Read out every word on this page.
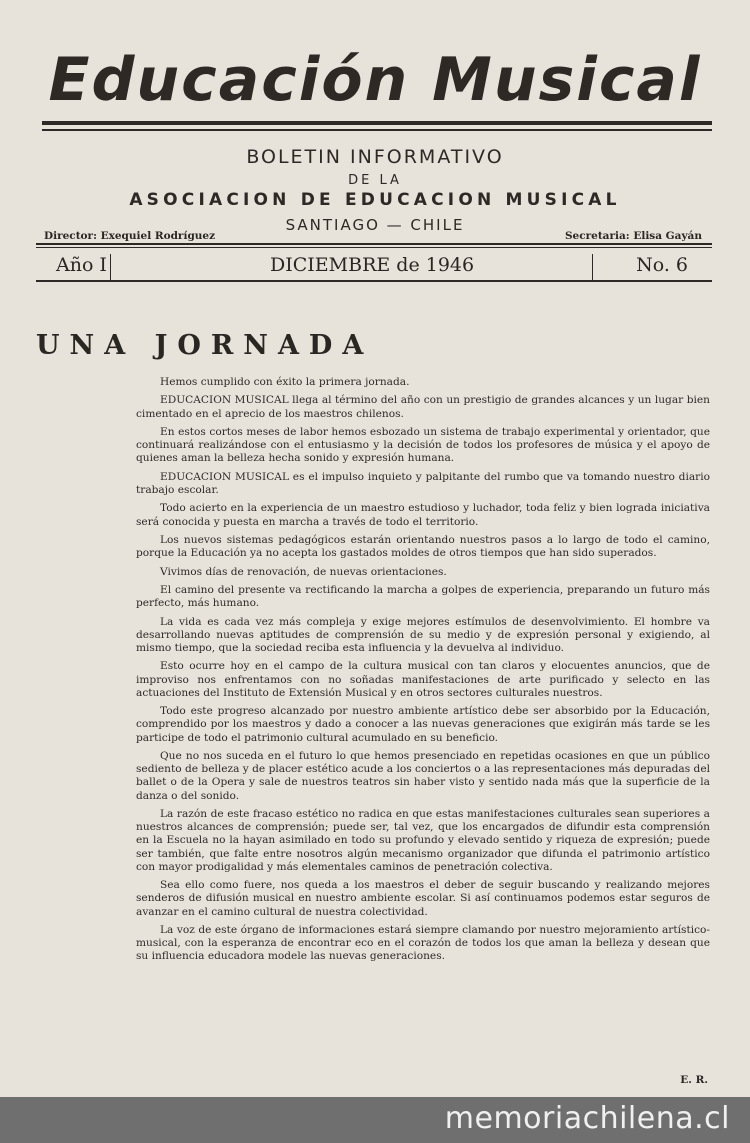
Educación Musical
BOLETIN INFORMATIVO
DE LA
ASOCIACION DE EDUCACION MUSICAL
SANTIAGO — CHILE
Director: Exequiel Rodríguez	Secretaria: Elisa Gayán
Año I	DICIEMBRE de 1946	No. 6
UNA JORNADA

Hemos cumplido con éxito la primera jornada.

EDUCACION MUSICAL llega al término del año con un prestigio de grandes alcances y un lugar bien cimentado en el aprecio de los maestros chilenos.

En estos cortos meses de labor hemos esbozado un sistema de trabajo experimental y orientador, que continuará realizándose con el entusiasmo y la decisión de todos los profesores de música y el apoyo de quienes aman la belleza hecha sonido y expresión humana.

EDUCACION MUSICAL es el impulso inquieto y palpitante del rumbo que va tomando nuestro diario trabajo escolar.

Todo acierto en la experiencia de un maestro estudioso y luchador, toda feliz y bien lograda iniciativa será conocida y puesta en marcha a través de todo el territorio.

Los nuevos sistemas pedagógicos estarán orientando nuestros pasos a lo largo de todo el camino, porque la Educación ya no acepta los gastados moldes de otros tiempos que han sido superados.

Vivimos días de renovación, de nuevas orientaciones.

El camino del presente va rectificando la marcha a golpes de experiencia, preparando un futuro más perfecto, más humano.

La vida es cada vez más compleja y exige mejores estímulos de desenvolvimiento. El hombre va desarrollando nuevas aptitudes de comprensión de su medio y de expresión personal y exigiendo, al mismo tiempo, que la sociedad reciba esta influencia y la devuelva al individuo.

Esto ocurre hoy en el campo de la cultura musical con tan claros y elocuentes anuncios, que de improviso nos enfrentamos con no soñadas manifestaciones de arte purificado y selecto en las actuaciones del Instituto de Extensión Musical y en otros sectores culturales nuestros.

Todo este progreso alcanzado por nuestro ambiente artístico debe ser absorbido por la Educación, comprendido por los maestros y dado a conocer a las nuevas generaciones que exigirán más tarde se les participe de todo el patrimonio cultural acumulado en su beneficio.

Que no nos suceda en el futuro lo que hemos presenciado en repetidas ocasiones en que un público sediento de belleza y de placer estético acude a los conciertos o a las representaciones más depuradas del ballet o de la Opera y sale de nuestros teatros sin haber visto y sentido nada más que la superficie de la danza o del sonido.

La razón de este fracaso estético no radica en que estas manifestaciones culturales sean superiores a nuestros alcances de comprensión; puede ser, tal vez, que los encargados de difundir esta comprensión en la Escuela no la hayan asimilado en todo su profundo y elevado sentido y riqueza de expresión; puede ser también, que falte entre nosotros algún mecanismo organizador que difunda el patrimonio artístico con mayor prodigalidad y más elementales caminos de penetración colectiva.

Sea ello como fuere, nos queda a los maestros el deber de seguir buscando y realizando mejores senderos de difusión musical en nuestro ambiente escolar. Si así continuamos podemos estar seguros de avanzar en el camino cultural de nuestra colectividad.

La voz de este órgano de informaciones estará siempre clamando por nuestro mejoramiento artístico-musical, con la esperanza de encontrar eco en el corazón de todos los que aman la belleza y desean que su influencia educadora modele las nuevas generaciones.

E. R.
memoriachilena.cl
